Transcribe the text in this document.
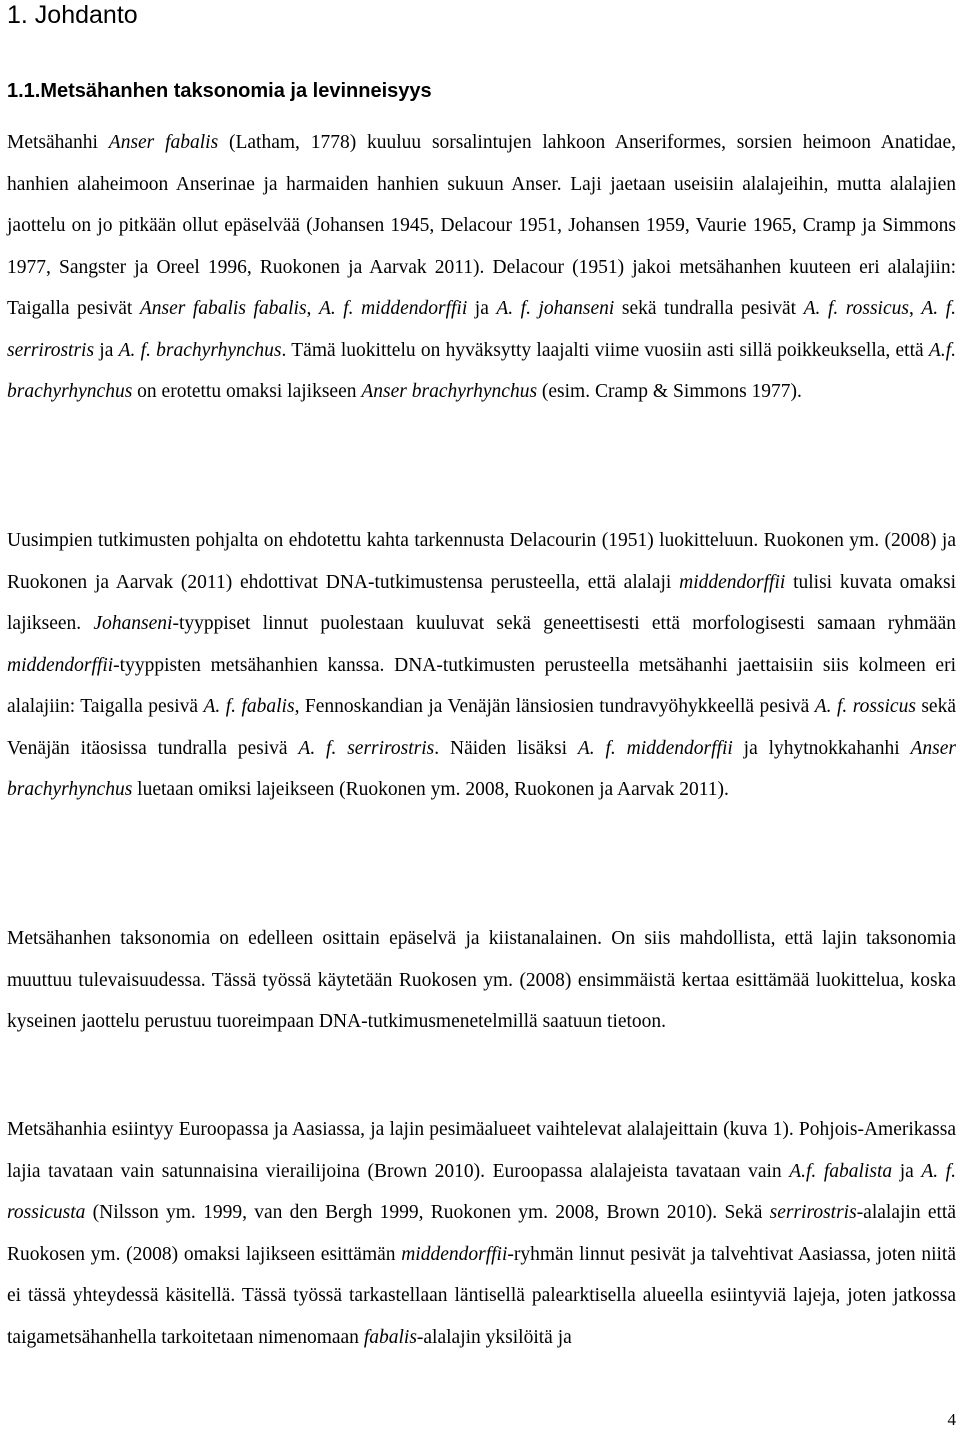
1. Johdanto
1.1.Metsähanhen taksonomia ja levinneisyys

Metsähanhi Anser fabalis (Latham, 1778) kuuluu sorsalintujen lahkoon Anseriformes, sorsien heimoon Anatidae, hanhien alaheimoon Anserinae ja harmaiden hanhien sukuun Anser. Laji jaetaan useisiin alalajeihin, mutta alalajien jaottelu on jo pitkään ollut epäselvää (Johansen 1945, Delacour 1951, Johansen 1959, Vaurie 1965, Cramp ja Simmons 1977, Sangster ja Oreel 1996, Ruokonen ja Aarvak 2011). Delacour (1951) jakoi metsähanhen kuuteen eri alalajiin: Taigalla pesivät Anser fabalis fabalis, A. f. middendorffii ja A. f. johanseni sekä tundralla pesivät A. f. rossicus, A. f. serrirostris ja A. f. brachyrhynchus. Tämä luokittelu on hyväksytty laajalti viime vuosiin asti sillä poikkeuksella, että A.f. brachyrhynchus on erotettu omaksi lajikseen Anser brachyrhynchus (esim. Cramp & Simmons 1977).

Uusimpien tutkimusten pohjalta on ehdotettu kahta tarkennusta Delacourin (1951) luokitteluun. Ruokonen ym. (2008) ja Ruokonen ja Aarvak (2011) ehdottivat DNA-tutkimustensa perusteella, että alalaji middendorffii tulisi kuvata omaksi lajikseen. Johanseni-tyyppiset linnut puolestaan kuuluvat sekä geneettisesti että morfologisesti samaan ryhmään middendorffii-tyyppisten metsähanhien kanssa. DNA-tutkimusten perusteella metsähanhi jaettaisiin siis kolmeen eri alalajiin: Taigalla pesivä A. f. fabalis, Fennoskandian ja Venäjän länsiosien tundravyöhykkeellä pesivä A. f. rossicus sekä Venäjän itäosissa tundralla pesivä A. f. serrirostris. Näiden lisäksi A. f. middendorffii ja lyhytnokkahanhi Anser brachyrhynchus luetaan omiksi lajeikseen (Ruokonen ym. 2008, Ruokonen ja Aarvak 2011).

Metsähanhen taksonomia on edelleen osittain epäselvä ja kiistanalainen. On siis mahdollista, että lajin taksonomia muuttuu tulevaisuudessa. Tässä työssä käytetään Ruokosen ym. (2008) ensimmäistä kertaa esittämää luokittelua, koska kyseinen jaottelu perustuu tuoreimpaan DNA-tutkimusmenetelmillä saatuun tietoon.

Metsähanhia esiintyy Euroopassa ja Aasiassa, ja lajin pesimäalueet vaihtelevat alalajeittain (kuva 1). Pohjois-Amerikassa lajia tavataan vain satunnaisina vierailijoina (Brown 2010). Euroopassa alalajeista tavataan vain A.f. fabalista ja A. f. rossicusta (Nilsson ym. 1999, van den Bergh 1999, Ruokonen ym. 2008, Brown 2010). Sekä serrirostris-alalajin että Ruokosen ym. (2008) omaksi lajikseen esittämän middendorffii-ryhmän linnut pesivät ja talvehtivat Aasiassa, joten niitä ei tässä yhteydessä käsitellä. Tässä työssä tarkastellaan läntisellä palearktisella alueella esiintyviä lajeja, joten jatkossa taigametsähanhella tarkoitetaan nimenomaan fabalis-alalajin yksilöitä ja

4
